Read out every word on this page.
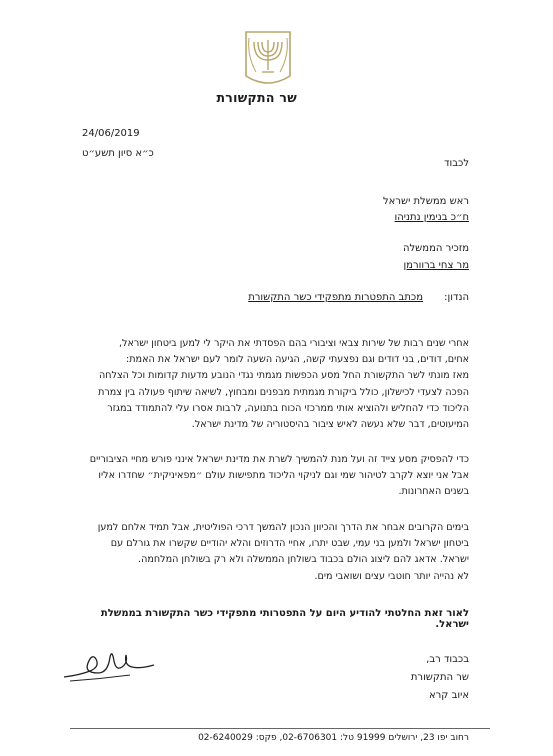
שר התקשורת
24/06/2019
כ״א סיון תשע״ט
לכבוד
ראש ממשלת ישראל
ח״כ בנימין נתניהו
מזכיר הממשלה
מר צחי ברוורמן
הנדון:
מכתב התפטרות מתפקידי כשר התקשורת

אחרי שנים רבות של שירות צבאי וציבורי בהם הפסדתי את היקר לי למען ביטחון ישראל,

אחים, דודים, בני דודים וגם נפצעתי קשה, הגיעה השעה לומר לעם ישראל את האמת:

מאז מונתי לשר התקשורת החל מסע הכפשות מגמתי נגדי הנובע מדעות קדומות וכל הצלחה

הפכה לצעדי לכישלון, כולל ביקורת מגמתית מבפנים ומבחוץ, לשיאה שיתוף פעולה בין צמרת

הליכוד כדי להחליש ולהוציא אותי ממרכזי הכוח בתנועה, לרבות אסרו עלי להתמודד במגזר

המיעוטים, דבר שלא נעשה לאיש ציבור בהיסטוריה של מדינת ישראל.

כדי להפסיק מסע צייד זה ועל מנת להמשיך לשרת את מדינת ישראל אינני פורש מחיי הציבוריים

אבל אני יוצא לקרב לטיהור שמי וגם לניקוי הליכוד מתפישות עולם ״מפאיניקית״ שחדרו אליו

בשנים האחרונות.

בימים הקרובים אבחר את הדרך והכיוון הנכון להמשך דרכי הפוליטית, אבל תמיד אלחם למען

ביטחון ישראל ולמען בני עמי, שבט יתרו, אחיי הדרוזים והלא יהודיים שקשרו את גורלם עם

ישראל. אדאג להם ליצוג הולם בכבוד בשולחן הממשלה ולא רק בשולחן המלחמה.

לא נהייה יותר חוטבי עצים ושואבי מים.

לאור זאת החלטתי להודיע היום על התפטרותי מתפקידי כשר התקשורת בממשלת ישראל.
בכבוד רב,
שר התקשורת
איוב קרא
רחוב יפו 23, ירושלים 91999 טל: 02-6706301, פקס: 02-6240029
